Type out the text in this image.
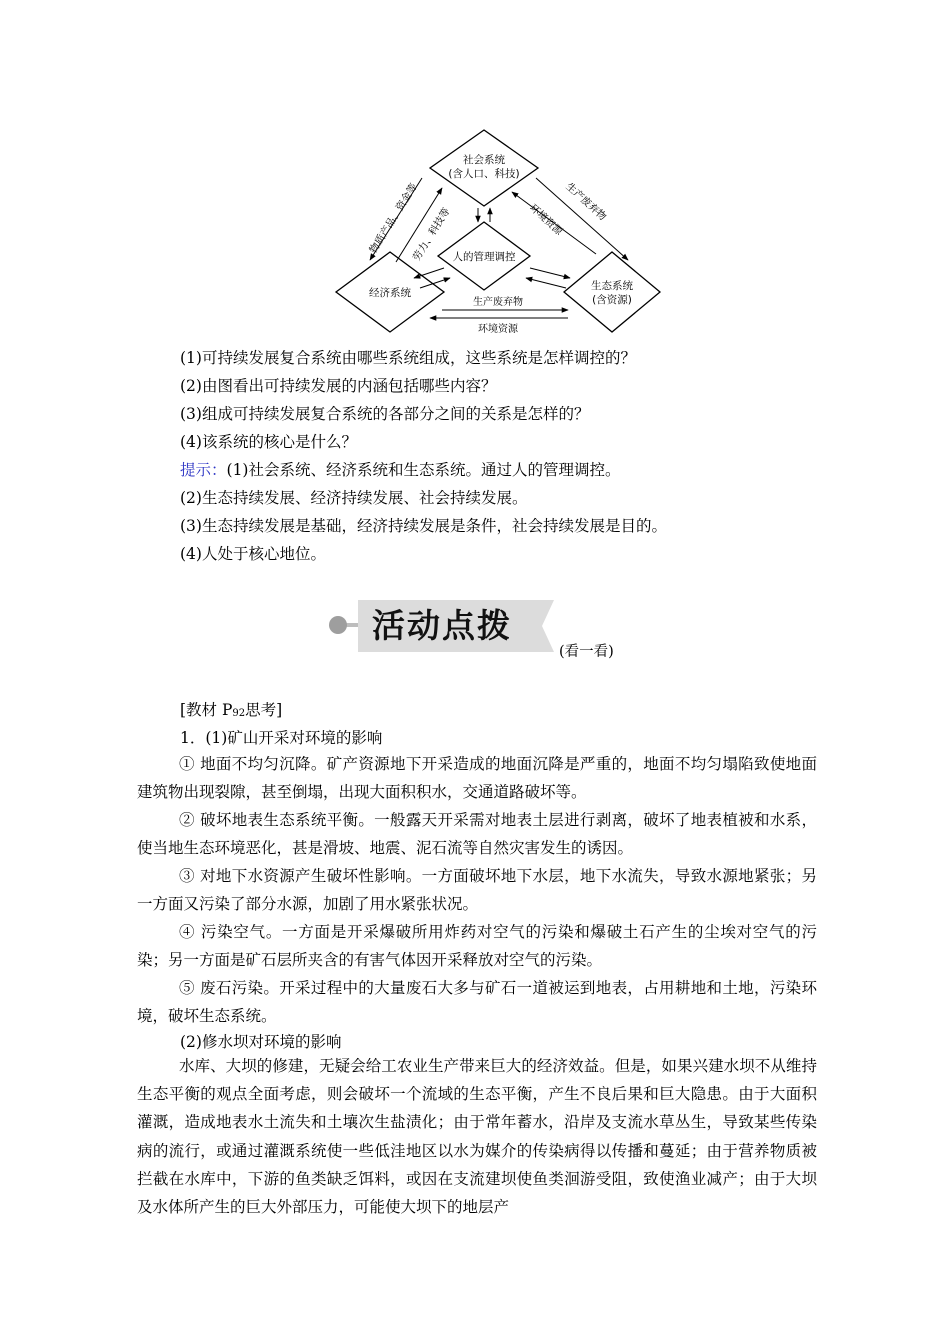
社会系统
(含人口、科技)
经济系统
生态系统
(含资源)
人的管理调控
物质产品、资金等
劳力、科技等
生产废弃物
环境资源
生产废弃物
环境资源
(1)可持续发展复合系统由哪些系统组成，这些系统是怎样调控的？
(2)由图看出可持续发展的内涵包括哪些内容？
(3)组成可持续发展复合系统的各部分之间的关系是怎样的？
(4)该系统的核心是什么？
提示：(1)社会系统、经济系统和生态系统。通过人的管理调控。
(2)生态持续发展、经济持续发展、社会持续发展。
(3)生态持续发展是基础，经济持续发展是条件，社会持续发展是目的。
(4)人处于核心地位。
活动点拨
(看一看)
[教材 P92思考]
1．(1)矿山开采对环境的影响
① 地面不均匀沉降。矿产资源地下开采造成的地面沉降是严重的，地面不均匀塌陷致使地面建筑物出现裂隙，甚至倒塌，出现大面积积水，交通道路破坏等。
② 破坏地表生态系统平衡。一般露天开采需对地表土层进行剥离，破坏了地表植被和水系，使当地生态环境恶化，甚是滑坡、地震、泥石流等自然灾害发生的诱因。
③ 对地下水资源产生破坏性影响。一方面破坏地下水层，地下水流失，导致水源地紧张；另一方面又污染了部分水源，加剧了用水紧张状况。
④ 污染空气。一方面是开采爆破所用炸药对空气的污染和爆破土石产生的尘埃对空气的污染；另一方面是矿石层所夹含的有害气体因开采释放对空气的污染。
⑤ 废石污染。开采过程中的大量废石大多与矿石一道被运到地表，占用耕地和土地，污染环境，破坏生态系统。
(2)修水坝对环境的影响
水库、大坝的修建，无疑会给工农业生产带来巨大的经济效益。但是，如果兴建水坝不从维持生态平衡的观点全面考虑，则会破坏一个流域的生态平衡，产生不良后果和巨大隐患。由于大面积灌溉，造成地表水土流失和土壤次生盐渍化；由于常年蓄水，沿岸及支流水草丛生，导致某些传染病的流行，或通过灌溉系统使一些低洼地区以水为媒介的传染病得以传播和蔓延；由于营养物质被拦截在水库中，下游的鱼类缺乏饵料，或因在支流建坝使鱼类洄游受阻，致使渔业减产；由于大坝及水体所产生的巨大外部压力，可能使大坝下的地层产
